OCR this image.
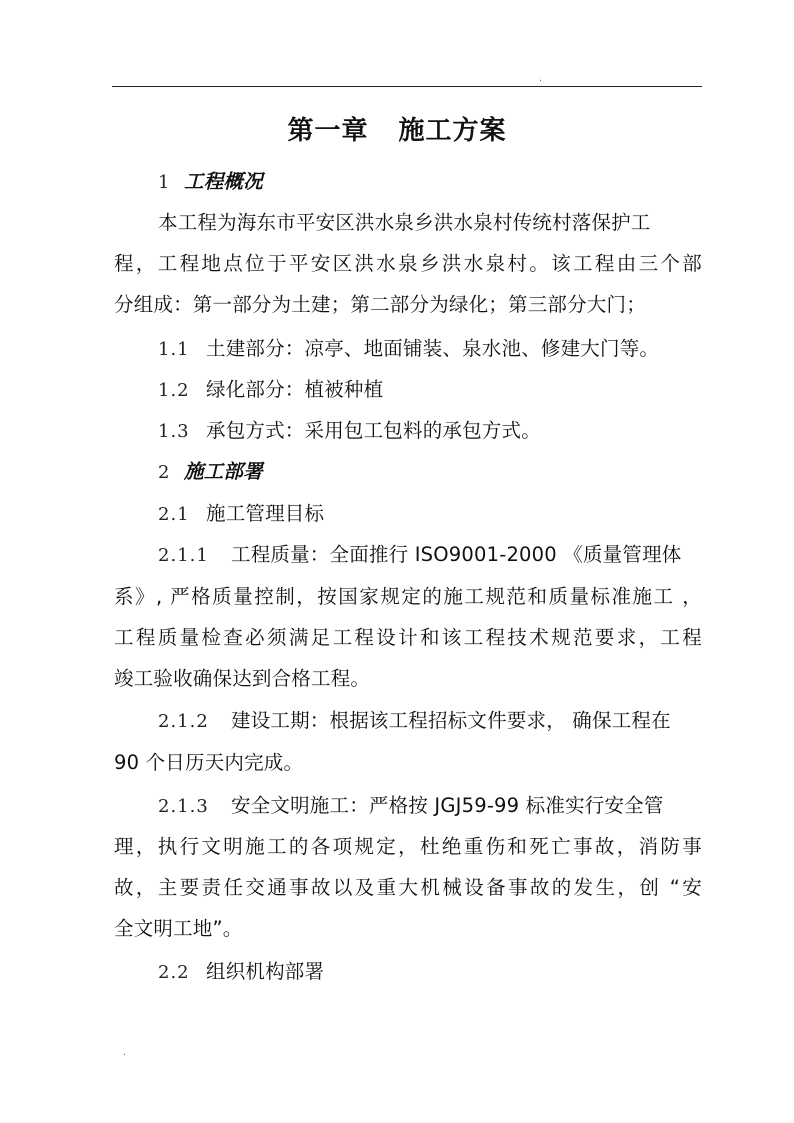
.
第一章 施工方案
1 工程概况
本工程为海东市平安区洪水泉乡洪水泉村传统村落保护工
程，工程地点位于平安区洪水泉乡洪水泉村。该工程由三个部
分组成：第一部分为土建；第二部分为绿化；第三部分大门；
1.1 土建部分：凉亭、地面铺装、泉水池、修建大门等。
1.2 绿化部分：植被种植
1.3 承包方式：采用包工包料的承包方式。
2 施工部署
2.1 施工管理目标
2.1.1 工程质量：全面推行 ISO9001-2000 《质量管理体
系》, 严格质量控制，按国家规定的施工规范和质量标准施工 ，
工程质量检查必须满足工程设计和该工程技术规范要求，工程
竣工验收确保达到合格工程。
2.1.2 建设工期：根据该工程招标文件要求， 确保工程在
90 个日历天内完成。
2.1.3 安全文明施工：严格按 JGJ59-99 标准实行安全管
理，执行文明施工的各项规定，杜绝重伤和死亡事故，消防事
故，主要责任交通事故以及重大机械设备事故的发生，创 “安
全文明工地”。
2.2 组织机构部署
.
